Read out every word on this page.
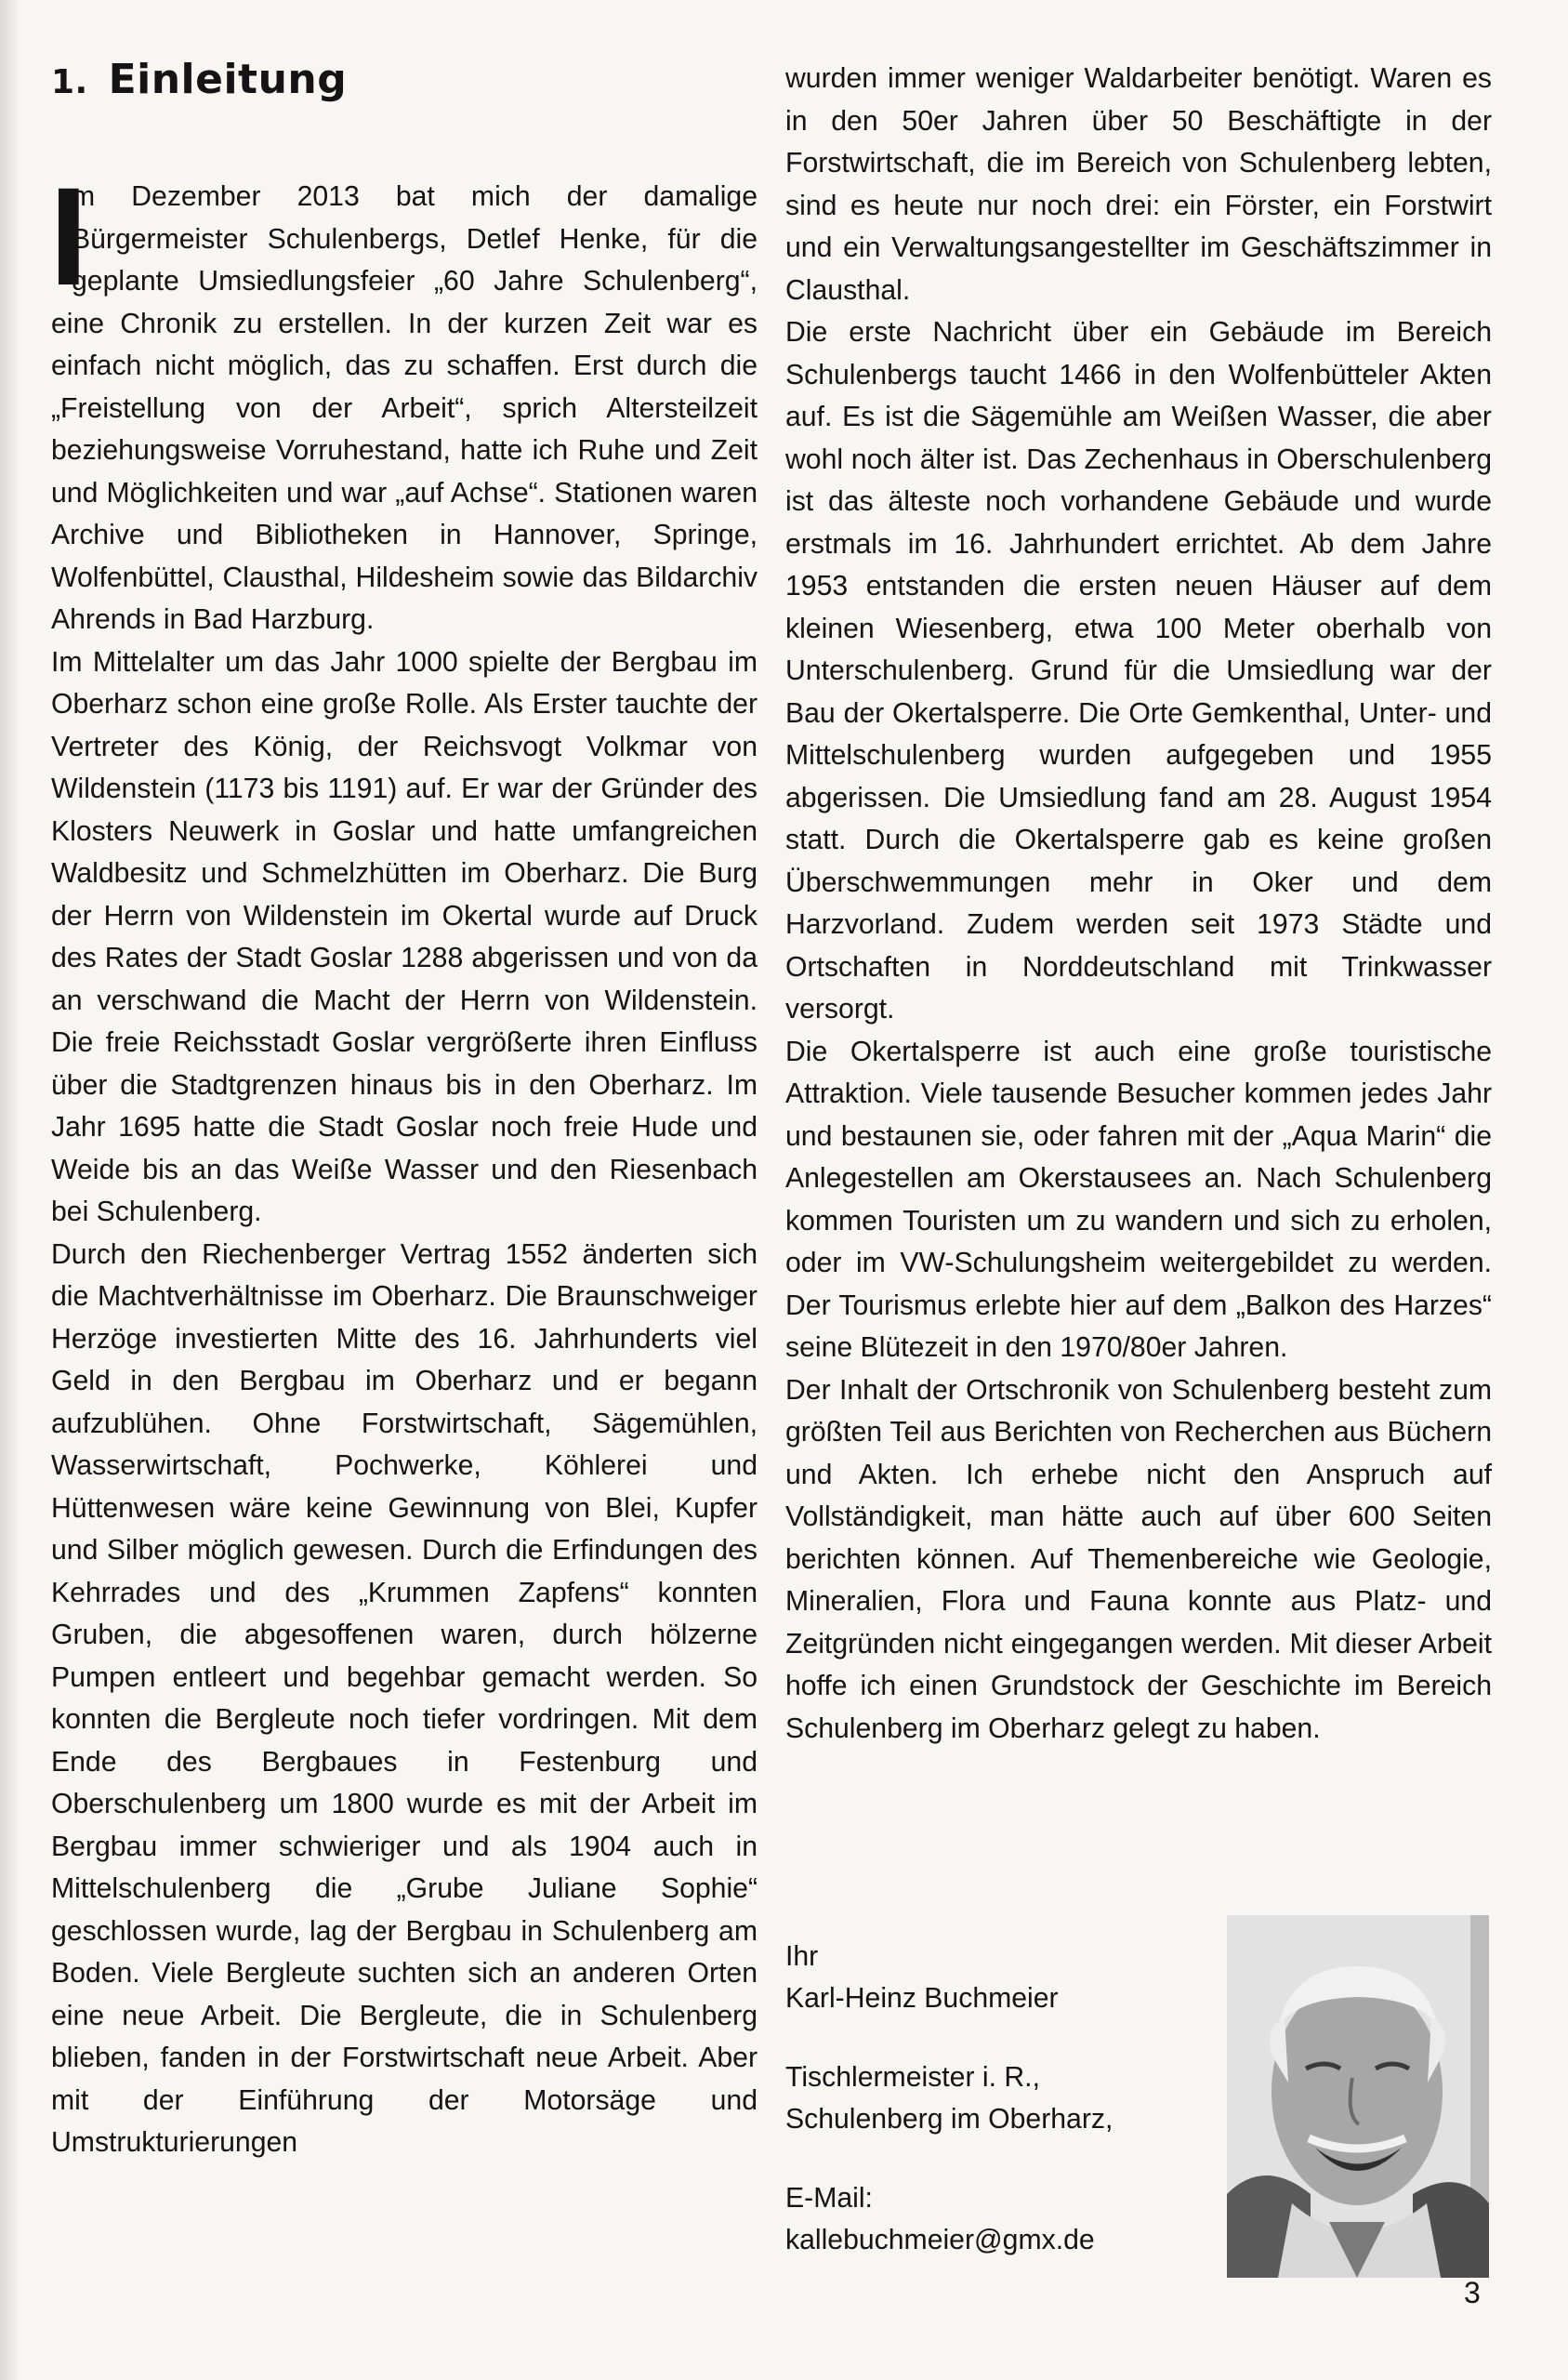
1. Einleitung

I
m Dezember 2013 bat mich der damalige Bürgermeister Schulenbergs, Detlef Henke, für die geplante Umsiedlungsfeier „60 Jahre Schulenberg“, eine Chronik zu erstellen. In der kurzen Zeit war es einfach nicht möglich, das zu schaffen. Erst durch die „Freistellung von der Arbeit“, sprich Altersteilzeit beziehungsweise Vorruhestand, hatte ich Ruhe und Zeit und Möglichkeiten und war „auf Achse“. Stationen waren Archive und Bibliotheken in Hannover, Springe, Wolfenbüttel, Clausthal, Hildesheim sowie das Bildarchiv Ahrends in Bad Harzburg.

Im Mittelalter um das Jahr 1000 spielte der Bergbau im Oberharz schon eine große Rolle. Als Erster tauchte der Vertreter des König, der Reichsvogt Volkmar von Wildenstein (1173 bis 1191) auf. Er war der Gründer des Klosters Neuwerk in Goslar und hatte umfangreichen Waldbesitz und Schmelzhütten im Oberharz. Die Burg der Herrn von Wildenstein im Okertal wurde auf Druck des Rates der Stadt Goslar 1288 abgerissen und von da an verschwand die Macht der Herrn von Wildenstein. Die freie Reichsstadt Goslar vergrößerte ihren Einfluss über die Stadtgrenzen hinaus bis in den Oberharz. Im Jahr 1695 hatte die Stadt Goslar noch freie Hude und Weide bis an das Weiße Wasser und den Riesenbach bei Schulenberg.

Durch den Riechenberger Vertrag 1552 änderten sich die Machtverhältnisse im Oberharz. Die Braunschweiger Herzöge investierten Mitte des 16. Jahrhunderts viel Geld in den Bergbau im Oberharz und er begann aufzublühen. Ohne Forstwirtschaft, Sägemühlen, Wasserwirtschaft, Pochwerke, Köhlerei und Hüttenwesen wäre keine Gewinnung von Blei, Kupfer und Silber möglich gewesen. Durch die Erfindungen des Kehrrades und des „Krummen Zapfens“ konnten Gruben, die abgesoffenen waren, durch hölzerne Pumpen entleert und begehbar gemacht werden. So konnten die Bergleute noch tiefer vordringen. Mit dem Ende des Bergbaues in Festenburg und Oberschulenberg um 1800 wurde es mit der Arbeit im Bergbau immer schwieriger und als 1904 auch in Mittelschulenberg die „Grube Juliane Sophie“ geschlossen wurde, lag der Bergbau in Schulenberg am Boden. Viele Bergleute suchten sich an anderen Orten eine neue Arbeit. Die Bergleute, die in Schulenberg blieben, fanden in der Forstwirtschaft neue Arbeit. Aber mit der Einführung der Motorsäge und Umstrukturierungen

wurden immer weniger Waldarbeiter benötigt. Waren es in den 50er Jahren über 50 Beschäftigte in der Forstwirtschaft, die im Bereich von Schulenberg lebten, sind es heute nur noch drei: ein Förster, ein Forstwirt und ein Verwaltungsangestellter im Geschäftszimmer in Clausthal.

Die erste Nachricht über ein Gebäude im Bereich Schulenbergs taucht 1466 in den Wolfenbütteler Akten auf. Es ist die Sägemühle am Weißen Wasser, die aber wohl noch älter ist. Das Zechenhaus in Oberschulenberg ist das älteste noch vorhandene Gebäude und wurde erstmals im 16. Jahrhundert errichtet. Ab dem Jahre 1953 entstanden die ersten neuen Häuser auf dem kleinen Wiesenberg, etwa 100 Meter oberhalb von Unterschulenberg. Grund für die Umsiedlung war der Bau der Okertalsperre. Die Orte Gemkenthal, Unter- und Mittelschulenberg wurden aufgegeben und 1955 abgerissen. Die Umsiedlung fand am 28. August 1954 statt. Durch die Okertalsperre gab es keine großen Überschwemmungen mehr in Oker und dem Harzvorland. Zudem werden seit 1973 Städte und Ortschaften in Norddeutschland mit Trinkwasser versorgt.

Die Okertalsperre ist auch eine große touristische Attraktion. Viele tausende Besucher kommen jedes Jahr und bestaunen sie, oder fahren mit der „Aqua Marin“ die Anlegestellen am Okerstausees an. Nach Schulenberg kommen Touristen um zu wandern und sich zu erholen, oder im VW-Schulungsheim weitergebildet zu werden. Der Tourismus erlebte hier auf dem „Balkon des Harzes“ seine Blütezeit in den 1970/80er Jahren.

Der Inhalt der Ortschronik von Schulenberg besteht zum größten Teil aus Berichten von Recherchen aus Büchern und Akten. Ich erhebe nicht den Anspruch auf Vollständigkeit, man hätte auch auf über 600 Seiten berichten können. Auf Themenbereiche wie Geologie, Mineralien, Flora und Fauna konnte aus Platz- und Zeitgründen nicht eingegangen werden. Mit dieser Arbeit hoffe ich einen Grundstock der Geschichte im Bereich Schulenberg im Oberharz gelegt zu haben.

Ihr

Karl-Heinz Buchmeier

Tischlermeister i. R.,

Schulenberg im Oberharz,

E-Mail:

kallebuchmeier@gmx.de

3
